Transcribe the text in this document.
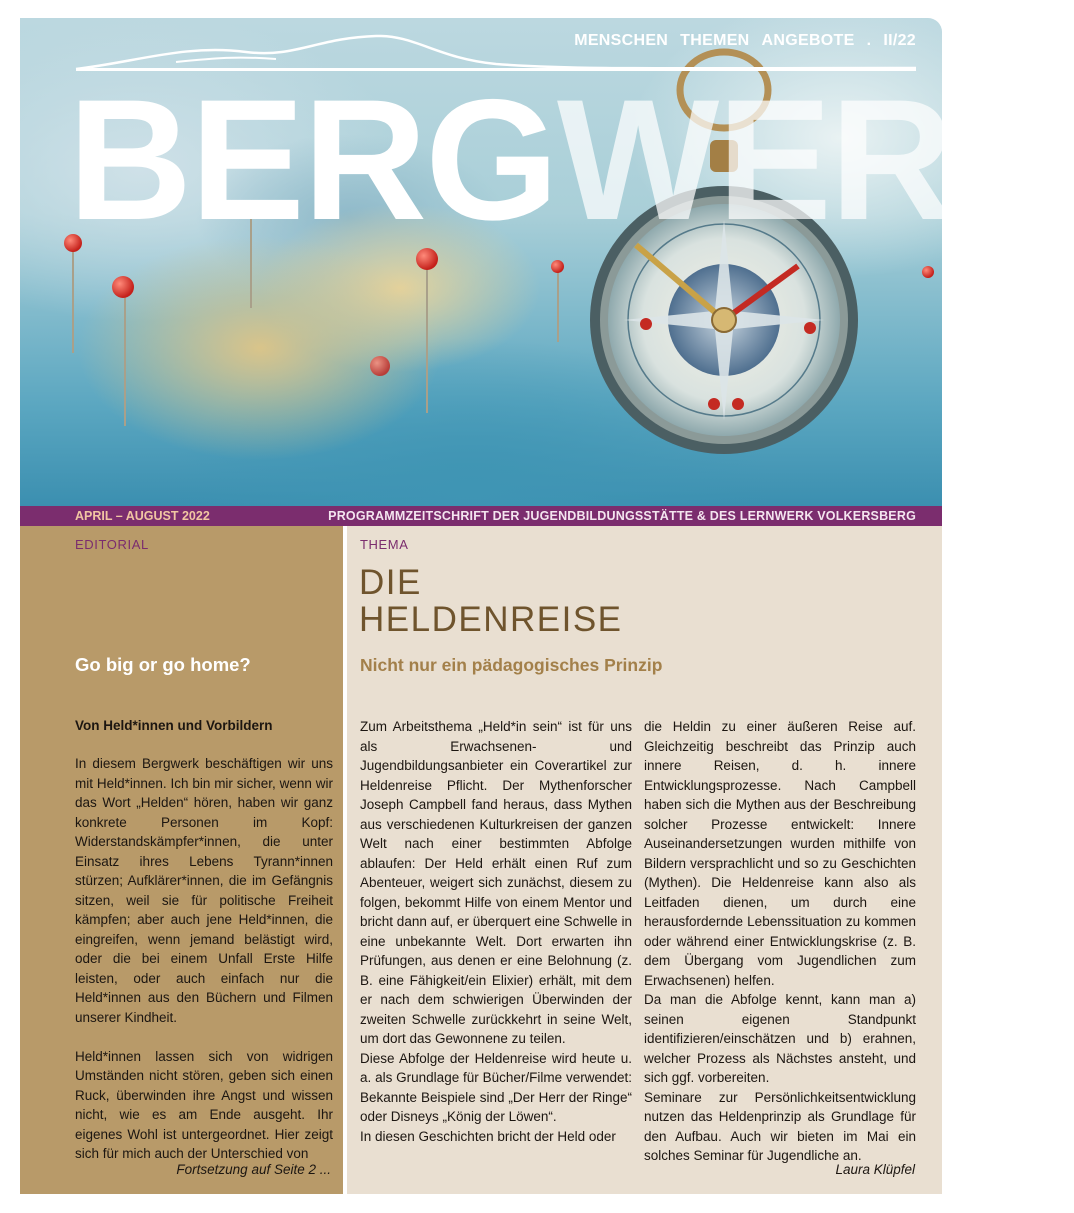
MENSCHEN THEMEN ANGEBOTE . II/22
BERGWERK
APRIL – AUGUST 2022	PROGRAMMZEITSCHRIFT DER JUGENDBILDUNGSSTÄTTE & DES LERNWERK VOLKERSBERG
EDITORIAL
Go big or go home?
Von Held*innen und Vorbildern

In diesem Bergwerk beschäftigen wir uns mit Held*innen. Ich bin mir sicher, wenn wir das Wort „Helden“ hören, haben wir ganz konkrete Personen im Kopf: Widerstandskämpfer*innen, die unter Einsatz ihres Lebens Tyrann*innen stürzen; Aufklärer*innen, die im Gefängnis sitzen, weil sie für politische Freiheit kämpfen; aber auch jene Held*innen, die eingreifen, wenn jemand belästigt wird, oder die bei einem Unfall Erste Hilfe leisten, oder auch einfach nur die Held*innen aus den Büchern und Filmen unserer Kindheit.

Held*innen lassen sich von widrigen Umständen nicht stören, geben sich einen Ruck, überwinden ihre Angst und wissen nicht, wie es am Ende ausgeht. Ihr eigenes Wohl ist untergeordnet. Hier zeigt sich für mich auch der Unterschied von

Fortsetzung auf Seite 2 ...
THEMA
DIE
HELDENREISE
Nicht nur ein pädagogisches Prinzip

Zum Arbeitsthema „Held*in sein“ ist für uns als Erwachsenen- und Jugendbildungsanbieter ein Coverartikel zur Heldenreise Pflicht. Der Mythenforscher Joseph Campbell fand heraus, dass Mythen aus verschiedenen Kulturkreisen der ganzen Welt nach einer bestimmten Abfolge ablaufen: Der Held erhält einen Ruf zum Abenteuer, weigert sich zunächst, diesem zu folgen, bekommt Hilfe von einem Mentor und bricht dann auf, er überquert eine Schwelle in eine unbekannte Welt. Dort erwarten ihn Prüfungen, aus denen er eine Belohnung (z. B. eine Fähigkeit/ein Elixier) erhält, mit dem er nach dem schwierigen Überwinden der zweiten Schwelle zurückkehrt in seine Welt, um dort das Gewonnene zu teilen.

Diese Abfolge der Heldenreise wird heute u. a. als Grundlage für Bücher/Filme verwendet: Bekannte Beispiele sind „Der Herr der Ringe“ oder Disneys „König der Löwen“.

In diesen Geschichten bricht der Held oder

die Heldin zu einer äußeren Reise auf. Gleichzeitig beschreibt das Prinzip auch innere Reisen, d. h. innere Entwicklungsprozesse. Nach Campbell haben sich die Mythen aus der Beschreibung solcher Prozesse entwickelt: Innere Auseinandersetzungen wurden mithilfe von Bildern versprachlicht und so zu Geschichten (Mythen). Die Heldenreise kann also als Leitfaden dienen, um durch eine herausfordernde Lebenssituation zu kommen oder während einer Entwicklungskrise (z. B. dem Übergang vom Jugendlichen zum Erwachsenen) helfen.

Da man die Abfolge kennt, kann man a) seinen eigenen Standpunkt identifizieren/einschätzen und b) erahnen, welcher Prozess als Nächstes ansteht, und sich ggf. vorbereiten.

Seminare zur Persönlichkeitsentwicklung nutzen das Heldenprinzip als Grundlage für den Aufbau. Auch wir bieten im Mai ein solches Seminar für Jugendliche an.

Laura Klüpfel
